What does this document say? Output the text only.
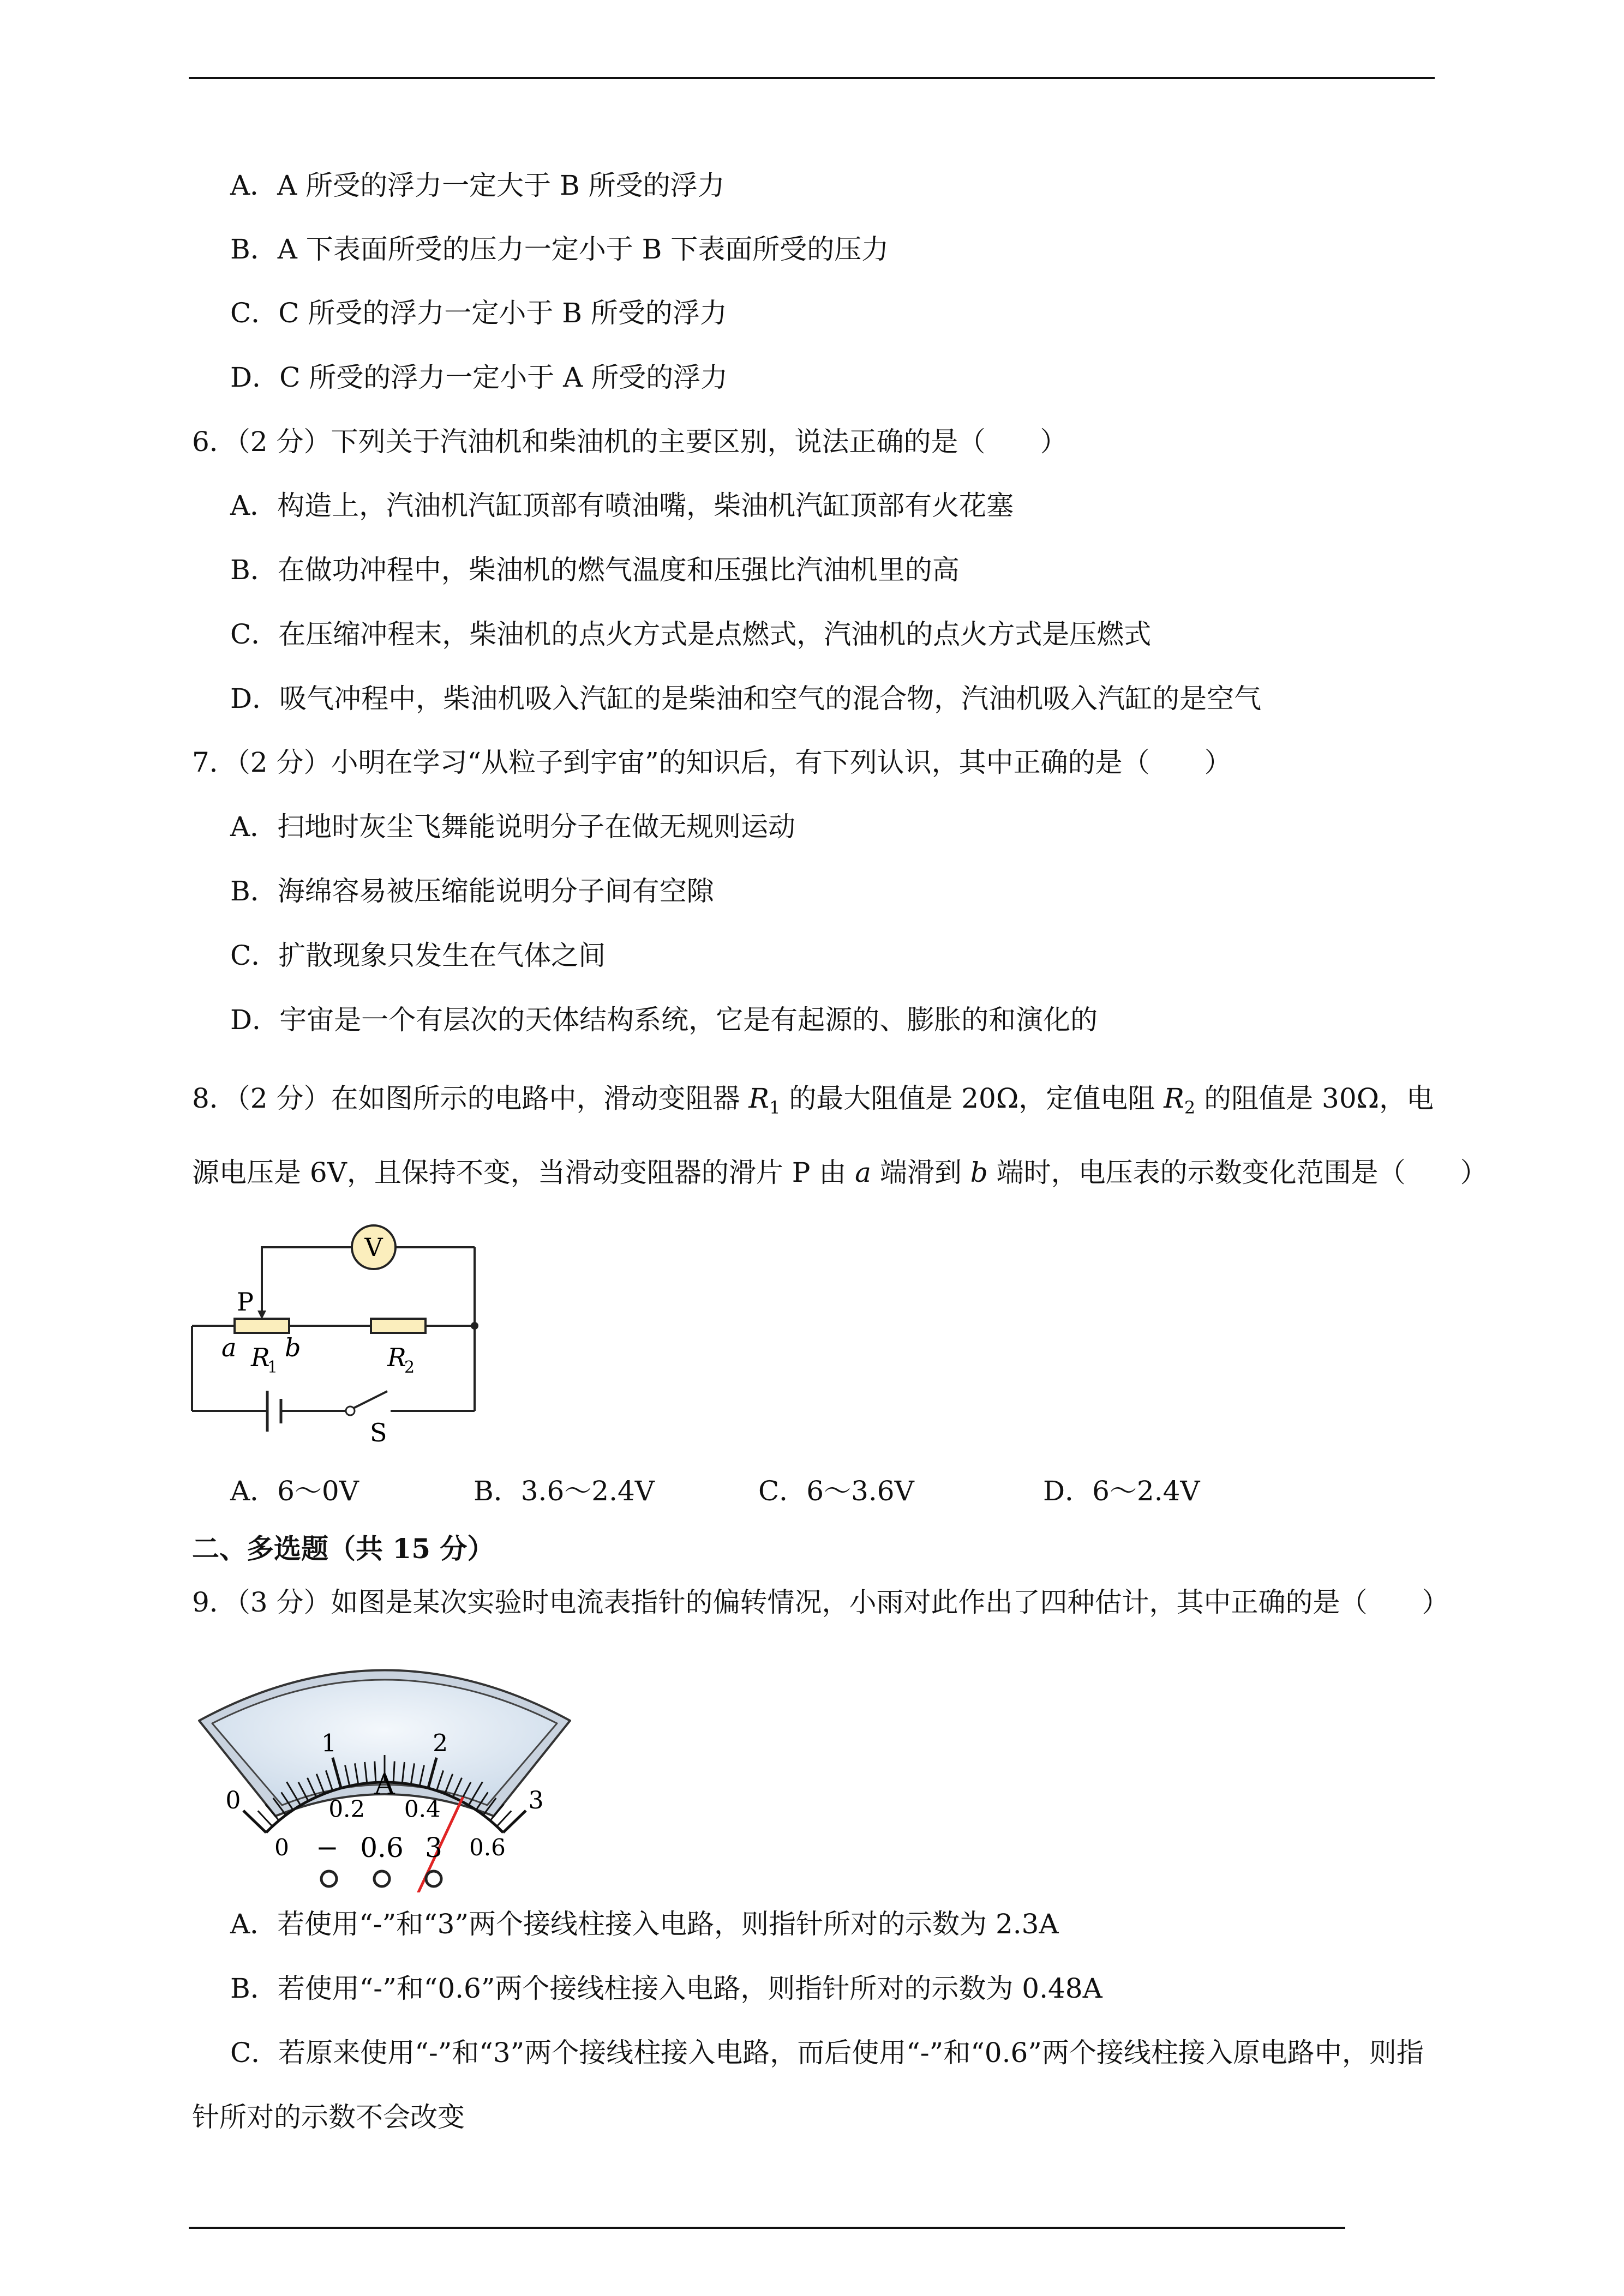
A．A 所受的浮力一定大于 B 所受的浮力
B．A 下表面所受的压力一定小于 B 下表面所受的压力
C．C 所受的浮力一定小于 B 所受的浮力
D．C 所受的浮力一定小于 A 所受的浮力
6．（2 分）下列关于汽油机和柴油机的主要区别，说法正确的是（　　）
A．构造上，汽油机汽缸顶部有喷油嘴，柴油机汽缸顶部有火花塞
B．在做功冲程中，柴油机的燃气温度和压强比汽油机里的高
C．在压缩冲程末，柴油机的点火方式是点燃式，汽油机的点火方式是压燃式
D．吸气冲程中，柴油机吸入汽缸的是柴油和空气的混合物，汽油机吸入汽缸的是空气
7．（2 分）小明在学习“从粒子到宇宙”的知识后，有下列认识，其中正确的是（　　）
A．扫地时灰尘飞舞能说明分子在做无规则运动
B．海绵容易被压缩能说明分子间有空隙
C．扩散现象只发生在气体之间
D．宇宙是一个有层次的天体结构系统，它是有起源的、膨胀的和演化的
8．（2 分）在如图所示的电路中，滑动变阻器 $R_1$ 的最大阻值是 20Ω，定值电阻 $R_2$ 的阻值是 30Ω，电
源电压是 6V，且保持不变，当滑动变阻器的滑片 P 由 a 端滑到 b 端时，电压表的示数变化范围是（　　）
V
P
a R
1
b	R
2
S
A．6～0V	B．3.6～2.4V	C．6～3.6V	D．6～2.4V
二、多选题（共 15 分）
9．（3 分）如图是某次实验时电流表指针的偏转情况，小雨对此作出了四种估计，其中正确的是（　　）
0
1	2
3
0
0.2 0.4
0.6
A
− 0.6 3
A．若使用“-”和“3”两个接线柱接入电路，则指针所对的示数为 2.3A
B．若使用“-”和“0.6”两个接线柱接入电路，则指针所对的示数为 0.48A
C．若原来使用“-”和“3”两个接线柱接入电路，而后使用“-”和“0.6”两个接线柱接入原电路中，则指
针所对的示数不会改变
